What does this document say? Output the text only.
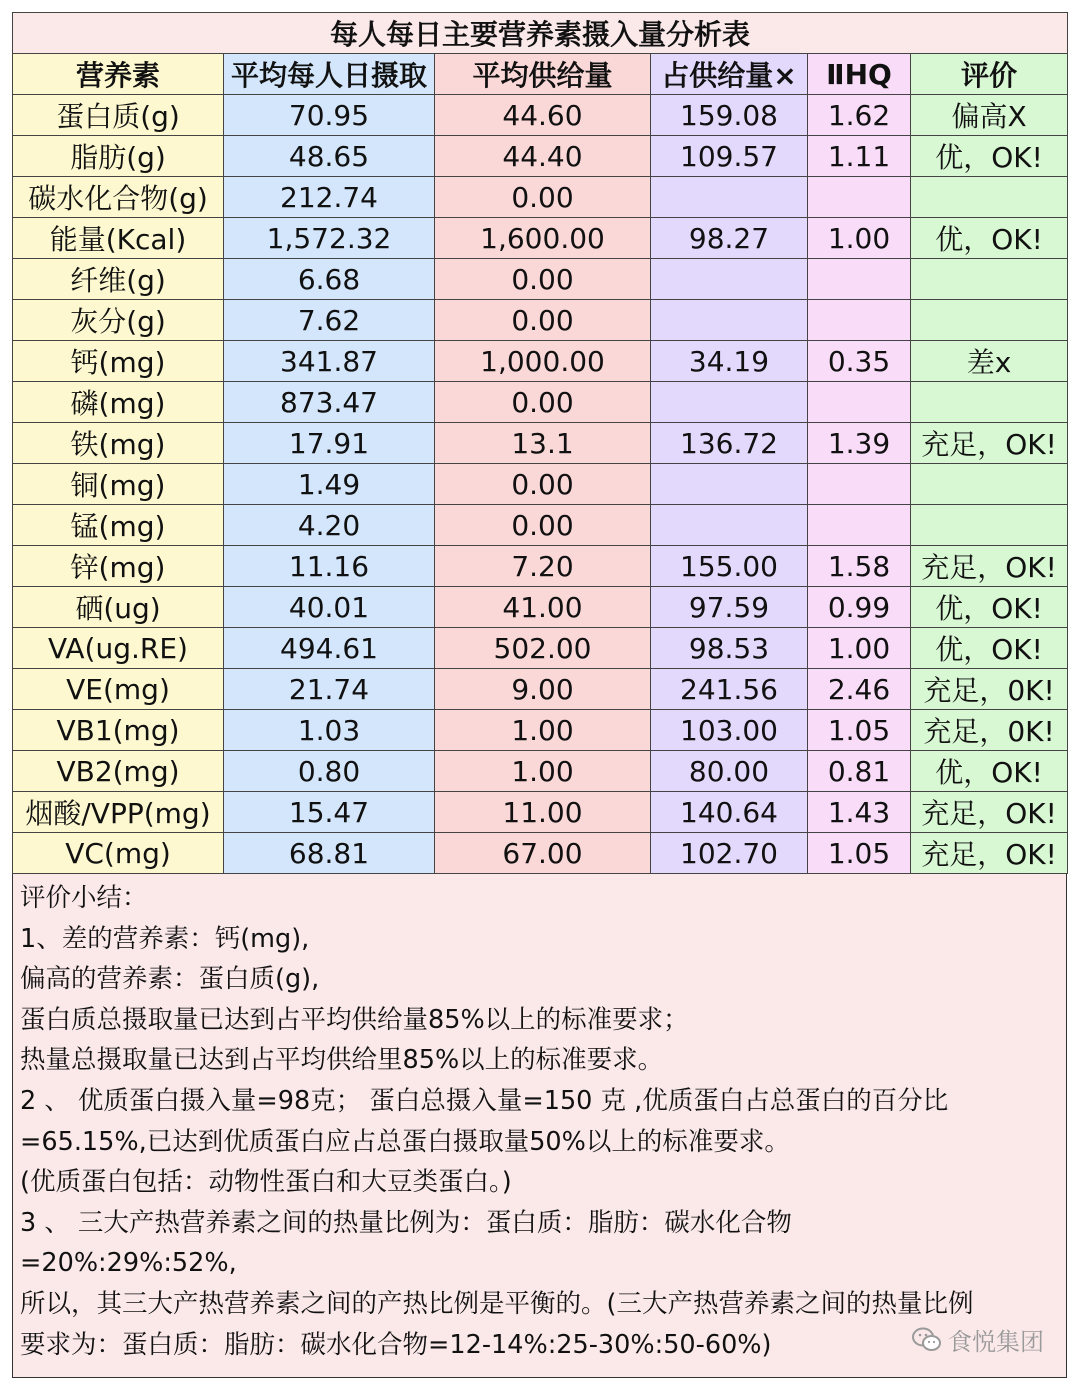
每人每日主要营养素摄入量分析表					
营养素	平均每人日摄取	平均供给量	占供给量×	ⅡHQ	评价
蛋白质(g)	70.95	44.60	159.08	1.62	偏高X
脂肪(g)	48.65	44.40	109.57	1.11	优，OK!
碳水化合物(g)	212.74	0.00			
能量(Kcal)	1,572.32	1,600.00	98.27	1.00	优，OK!
纤维(g)	6.68	0.00			
灰分(g)	7.62	0.00			
钙(mg)	341.87	1,000.00	34.19	0.35	差x
磷(mg)	873.47	0.00			
铁(mg)	17.91	13.1	136.72	1.39	充足，OK!
铜(mg)	1.49	0.00			
锰(mg)	4.20	0.00			
锌(mg)	11.16	7.20	155.00	1.58	充足，OK!
硒(ug)	40.01	41.00	97.59	0.99	优，OK!
VA(ug.RE)	494.61	502.00	98.53	1.00	优，OK!
VE(mg)	21.74	9.00	241.56	2.46	充足，0K!
VB1(mg)	1.03	1.00	103.00	1.05	充足，0K!
VB2(mg)	0.80	1.00	80.00	0.81	优，OK!
烟酸/VPP(mg)	15.47	11.00	140.64	1.43	充足，OK!
VC(mg)	68.81	67.00	102.70	1.05	充足，OK!
评价小结：
1、差的营养素：钙(mg),
偏高的营养素：蛋白质(g),
蛋白质总摄取量已达到占平均供给量85%以上的标准要求；
热量总摄取量已达到占平均供给里85%以上的标准要求。
2 、 优质蛋白摄入量=98克； 蛋白总摄入量=150 克 ,优质蛋白占总蛋白的百分比
=65.15%,已达到优质蛋白应占总蛋白摄取量50%以上的标准要求。
(优质蛋白包括：动物性蛋白和大豆类蛋白。)
3 、 三大产热营养素之间的热量比例为：蛋白质：脂肪：碳水化合物
=20%:29%:52%,
所以，其三大产热营养素之间的产热比例是平衡的。(三大产热营养素之间的热量比例
要求为：蛋白质：脂肪：碳水化合物=12-14%:25-30%:50-60%)	食悦集团
